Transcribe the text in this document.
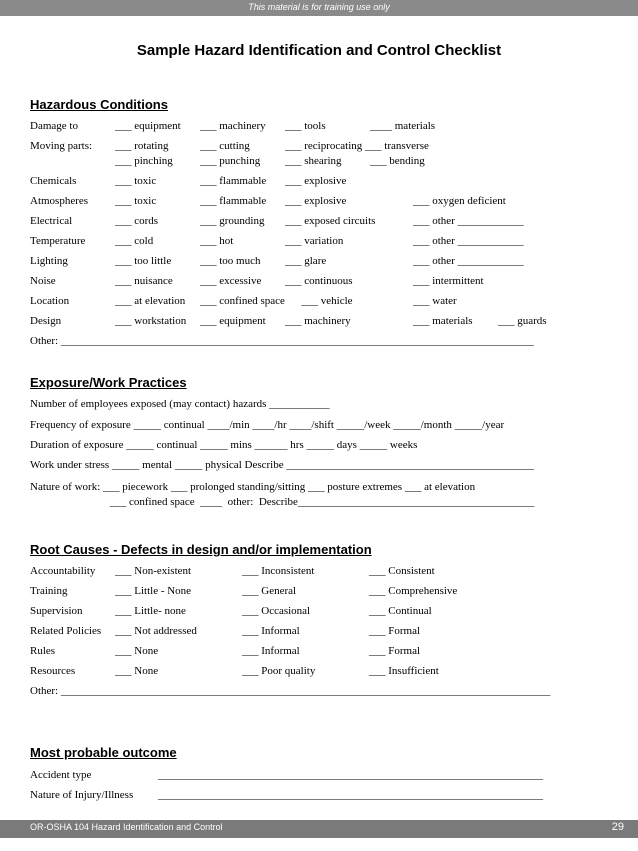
This material is for training use only
Sample Hazard Identification and Control Checklist
Hazardous Conditions
Damage to	___ equipment ___ machinery ___ tools	____ materials
Moving parts: ___ rotating	___ cutting	___ reciprocating ___ transverse
___ pinching ___ punching ___ shearing	___ bending
Chemicals	___ toxic	___ flammable ___ explosive
Atmospheres ___ toxic	___ flammable ___ explosive	___ oxygen deficient
Electrical	___ cords	___ grounding ___ exposed circuits	___ other ____________
Temperature	___ cold	___ hot	___ variation	___ other ____________
Lighting	___ too little	___ too much ___ glare	___ other ____________
Noise	___ nuisance ___ excessive ___ continuous	___ intermittent
Location	___ at elevation ___ confined space ___ vehicle	___ water
Design	___ workstation ___ equipment ___ machinery	___ materials ___ guards
Other: ______________________________________________________________________________________
Exposure/Work Practices
Number of employees exposed (may contact) hazards ___________
Frequency of exposure _____ continual ____/min ____/hr ____/shift _____/week _____/month _____/year
Duration of exposure _____ continual _____ mins ______ hrs _____ days _____ weeks
Work under stress _____ mental _____ physical Describe _____________________________________________
Nature of work: ___ piecework ___ prolonged standing/sitting ___ posture extremes ___ at elevation
___ confined space  ____  other:  Describe___________________________________________
Root Causes - Defects in design and/or implementation
Accountability ___ Non-existent	___ Inconsistent	___ Consistent
Training	___ Little - None	___ General	___ Comprehensive
Supervision	___ Little- none	___ Occasional	___ Continual
Related Policies ___ Not addressed	___ Informal	___ Formal
Rules	___ None	___ Informal	___ Formal
Resources	___ None	___ Poor quality	___ Insufficient
Other: _________________________________________________________________________________________
Most probable outcome
Accident type	______________________________________________________________________
Nature of Injury/Illness ______________________________________________________________________
OR-OSHA 104 Hazard Identification and Control	29
